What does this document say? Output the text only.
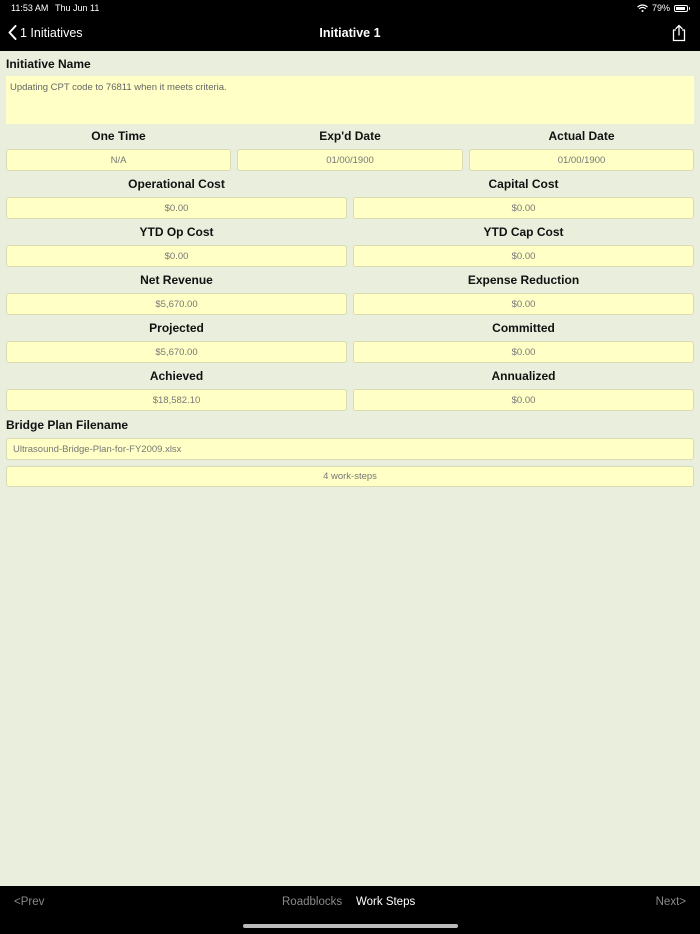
11:53 AM Thu Jun 11	79%
1 Initiatives	Initiative 1
Initiative Name
Updating CPT code to 76811 when it meets criteria.
One Time	Exp'd Date	Actual Date
N/A	01/00/1900	01/00/1900
Operational Cost	Capital Cost
$0.00	$0.00
YTD Op Cost	YTD Cap Cost
$0.00	$0.00
Net Revenue	Expense Reduction
$5,670.00	$0.00
Projected	Committed
$5,670.00	$0.00
Achieved	Annualized
$18,582.10	$0.00
Bridge Plan Filename
Ultrasound-Bridge-Plan-for-FY2009.xlsx
4 work-steps
<Prev	Roadblocks Work Steps	Next>
